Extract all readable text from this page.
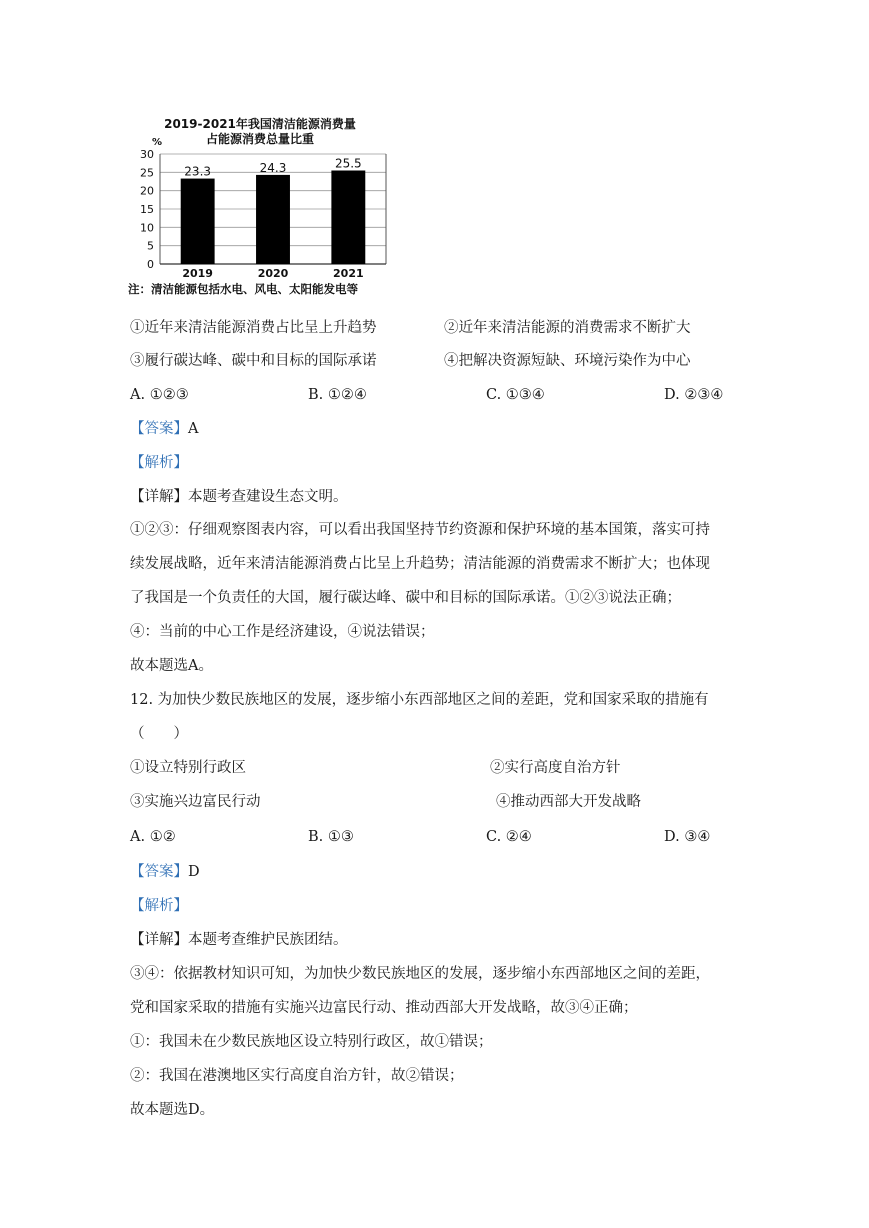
2019-2021年我国清洁能源消费量
占能源消费总量比重
%
0
5
10
15
20
25
30
23.3	24.3	25.5
2019	2020	2021
注：清洁能源包括水电、风电、太阳能发电等
①近年来清洁能源消费占比呈上升趋势	②近年来清洁能源的消费需求不断扩大
③履行碳达峰、碳中和目标的国际承诺	④把解决资源短缺、环境污染作为中心
A. ①②③	B. ①②④	C. ①③④	D. ②③④
【答案】A
【解析】
【详解】本题考查建设生态文明。
①②③：仔细观察图表内容，可以看出我国坚持节约资源和保护环境的基本国策，落实可持
续发展战略，近年来清洁能源消费占比呈上升趋势；清洁能源的消费需求不断扩大；也体现
了我国是一个负责任的大国，履行碳达峰、碳中和目标的国际承诺。①②③说法正确；
④：当前的中心工作是经济建设，④说法错误；
故本题选A。
12. 为加快少数民族地区的发展，逐步缩小东西部地区之间的差距，党和国家采取的措施有
（　　）
①设立特别行政区	②实行高度自治方针
③实施兴边富民行动	④推动西部大开发战略
A. ①②	B. ①③	C. ②④	D. ③④
【答案】D
【解析】
【详解】本题考查维护民族团结。
③④：依据教材知识可知，为加快少数民族地区的发展，逐步缩小东西部地区之间的差距，
党和国家采取的措施有实施兴边富民行动、推动西部大开发战略，故③④正确；
①：我国未在少数民族地区设立特别行政区，故①错误；
②：我国在港澳地区实行高度自治方针，故②错误；
故本题选D。
